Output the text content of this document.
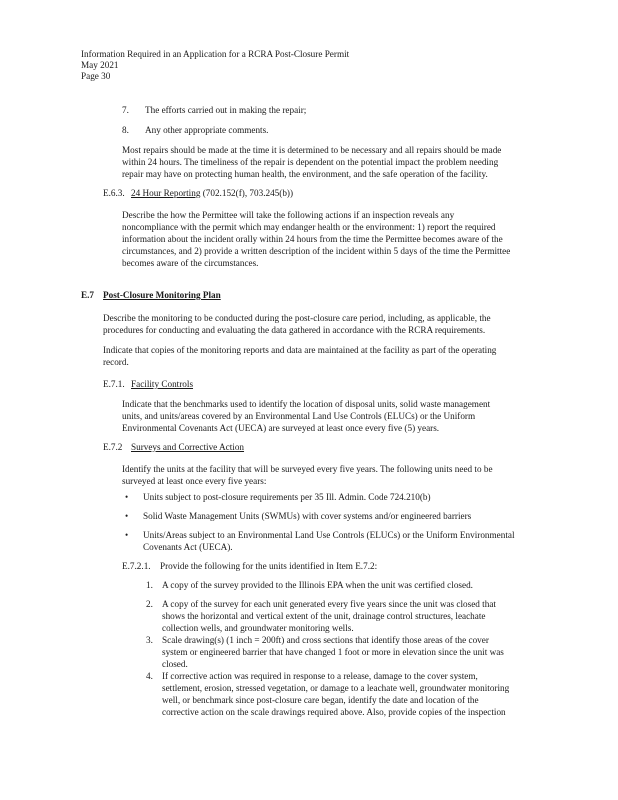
Information Required in an Application for a RCRA Post-Closure Permit
May 2021
Page 30
7. The efforts carried out in making the repair;
8. Any other appropriate comments.
Most repairs should be made at the time it is determined to be necessary and all repairs should be made
within 24 hours. The timeliness of the repair is dependent on the potential impact the problem needing
repair may have on protecting human health, the environment, and the safe operation of the facility.
E.6.3. 24 Hour Reporting (702.152(f), 703.245(b))
Describe the how the Permittee will take the following actions if an inspection reveals any
noncompliance with the permit which may endanger health or the environment: 1) report the required
information about the incident orally within 24 hours from the time the Permittee becomes aware of the
circumstances, and 2) provide a written description of the incident within 5 days of the time the Permittee
becomes aware of the circumstances.
E.7 Post-Closure Monitoring Plan
Describe the monitoring to be conducted during the post-closure care period, including, as applicable, the
procedures for conducting and evaluating the data gathered in accordance with the RCRA requirements.
Indicate that copies of the monitoring reports and data are maintained at the facility as part of the operating
record.
E.7.1. Facility Controls
Indicate that the benchmarks used to identify the location of disposal units, solid waste management
units, and units/areas covered by an Environmental Land Use Controls (ELUCs) or the Uniform
Environmental Covenants Act (UECA) are surveyed at least once every five (5) years.
E.7.2 Surveys and Corrective Action
Identify the units at the facility that will be surveyed every five years. The following units need to be
surveyed at least once every five years:
• Units subject to post-closure requirements per 35 Ill. Admin. Code 724.210(b)
• Solid Waste Management Units (SWMUs) with cover systems and/or engineered barriers
• Units/Areas subject to an Environmental Land Use Controls (ELUCs) or the Uniform Environmental
Covenants Act (UECA).
E.7.2.1. Provide the following for the units identified in Item E.7.2:
1. A copy of the survey provided to the Illinois EPA when the unit was certified closed.
2. A copy of the survey for each unit generated every five years since the unit was closed that
shows the horizontal and vertical extent of the unit, drainage control structures, leachate
collection wells, and groundwater monitoring wells.
3. Scale drawing(s) (1 inch = 200ft) and cross sections that identify those areas of the cover
system or engineered barrier that have changed 1 foot or more in elevation since the unit was
closed.
4. If corrective action was required in response to a release, damage to the cover system,
settlement, erosion, stressed vegetation, or damage to a leachate well, groundwater monitoring
well, or benchmark since post-closure care began, identify the date and location of the
corrective action on the scale drawings required above. Also, provide copies of the inspection
